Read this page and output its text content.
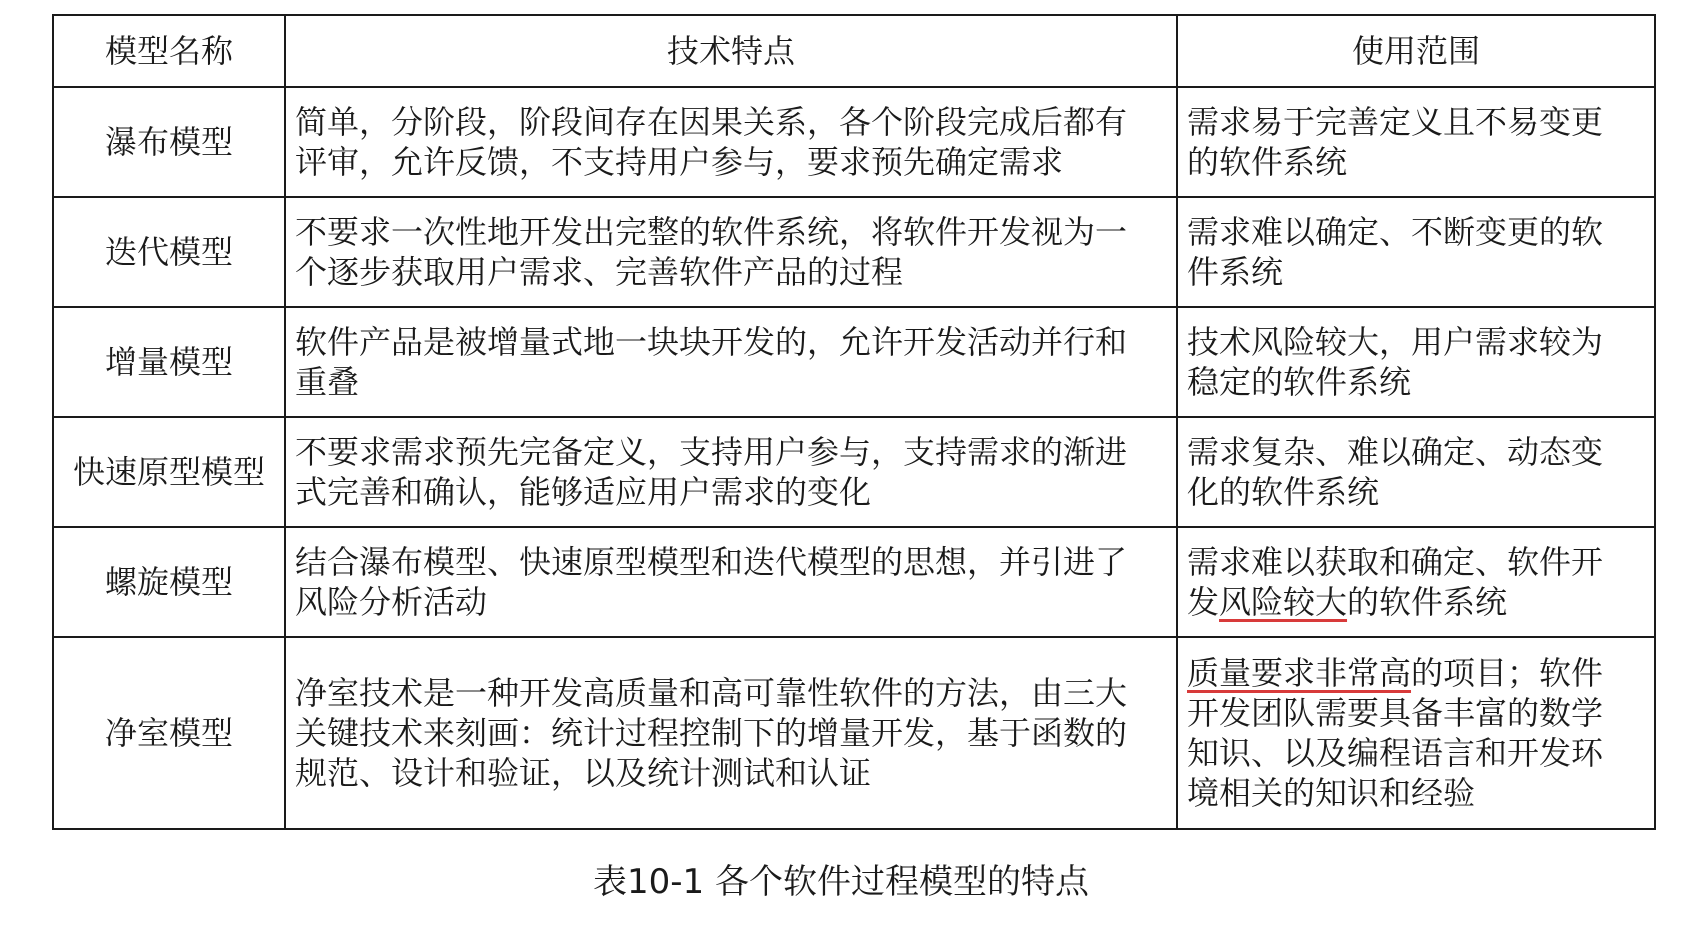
模型名称	技术特点	使用范围
瀑布模型	简单，分阶段，阶段间存在因果关系，各个阶段完成后都有
评审，允许反馈，不支持用户参与，要求预先确定需求	需求易于完善定义且不易变更
的软件系统

迭代模型	不要求一次性地开发出完整的软件系统，将软件开发视为一
个逐步获取用户需求、完善软件产品的过程	需求难以确定、不断变更的软
件系统

增量模型	软件产品是被增量式地一块块开发的，允许开发活动并行和
重叠	技术风险较大，用户需求较为
稳定的软件系统

快速原型模型	不要求需求预先完备定义，支持用户参与，支持需求的渐进
式完善和确认，能够适应用户需求的变化	需求复杂、难以确定、动态变
化的软件系统

螺旋模型	结合瀑布模型、快速原型模型和迭代模型的思想，并引进了
风险分析活动	需求难以获取和确定、软件开
发风险较大的软件系统

净室模型	净室技术是一种开发高质量和高可靠性软件的方法，由三大
关键技术来刻画：统计过程控制下的增量开发，基于函数的
规范、设计和验证，以及统计测试和认证	质量要求非常高的项目；软件
开发团队需要具备丰富的数学
知识、以及编程语言和开发环
境相关的知识和经验
表10-1 各个软件过程模型的特点
